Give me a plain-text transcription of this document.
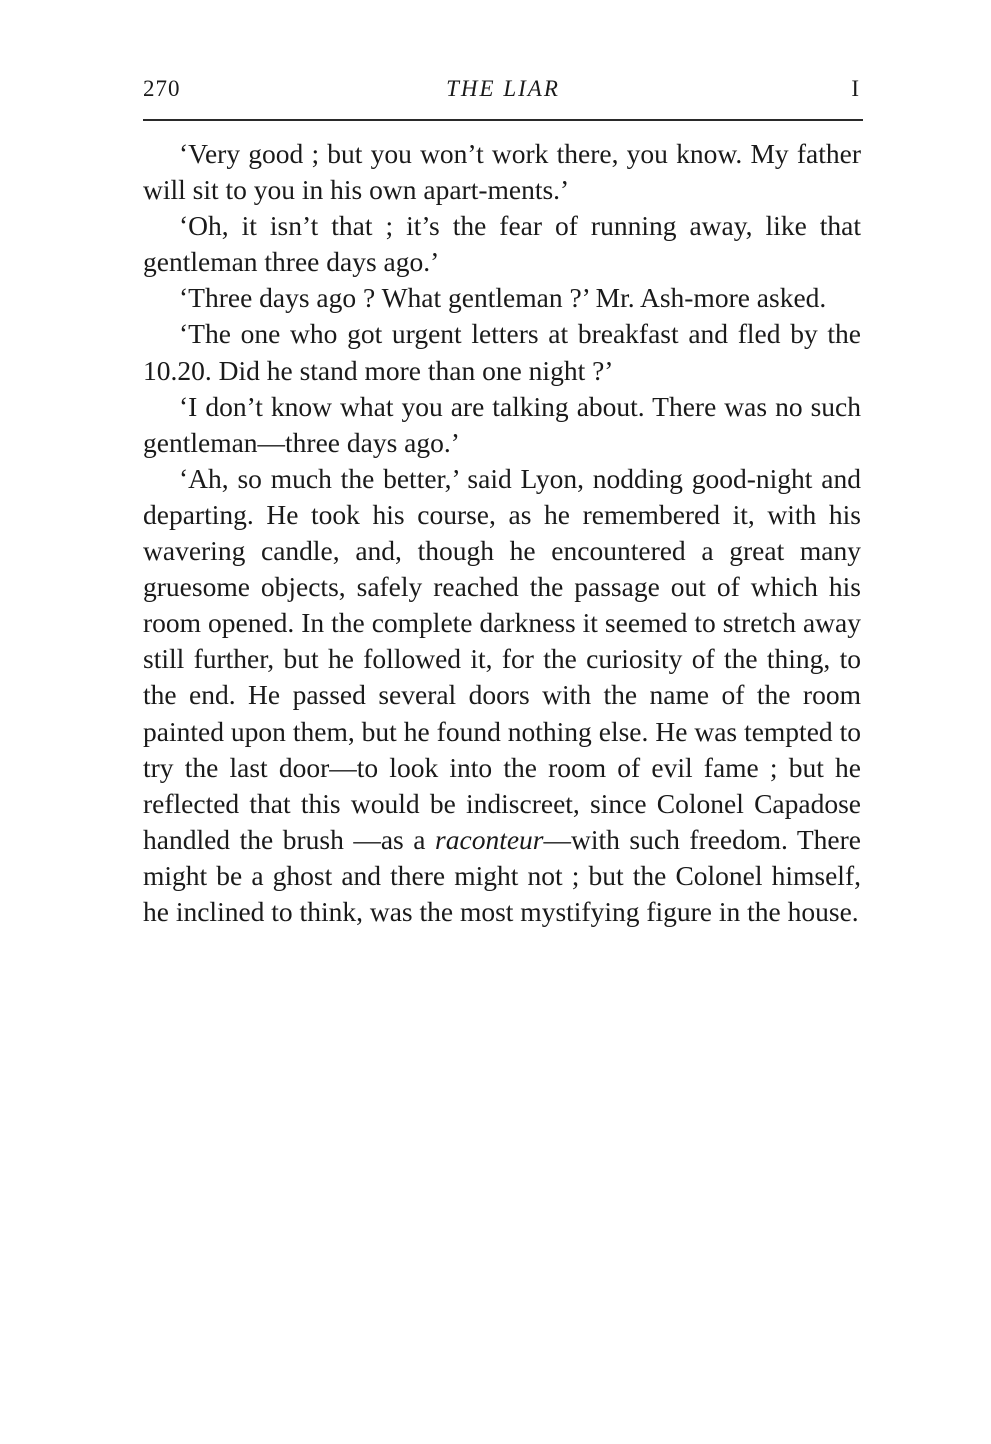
270	THE LIAR	I

‘Very good ; but you won’t work there, you know. My father will sit to you in his own apart-ments.’

‘Oh, it isn’t that ; it’s the fear of running away, like that gentleman three days ago.’

‘Three days ago ? What gentleman ?’ Mr. Ash-more asked.

‘The one who got urgent letters at breakfast and fled by the 10.20. Did he stand more than one night ?’

‘I don’t know what you are talking about. There was no such gentleman—three days ago.’

‘Ah, so much the better,’ said Lyon, nodding good-night and departing. He took his course, as he remembered it, with his wavering candle, and, though he encountered a great many gruesome objects, safely reached the passage out of which his room opened. In the complete darkness it seemed to stretch away still further, but he followed it, for the curiosity of the thing, to the end. He passed several doors with the name of the room painted upon them, but he found nothing else. He was tempted to try the last door—to look into the room of evil fame ; but he reflected that this would be indiscreet, since Colonel Capadose handled the brush —as a raconteur—with such freedom. There might be a ghost and there might not ; but the Colonel himself, he inclined to think, was the most mystifying figure in the house.
